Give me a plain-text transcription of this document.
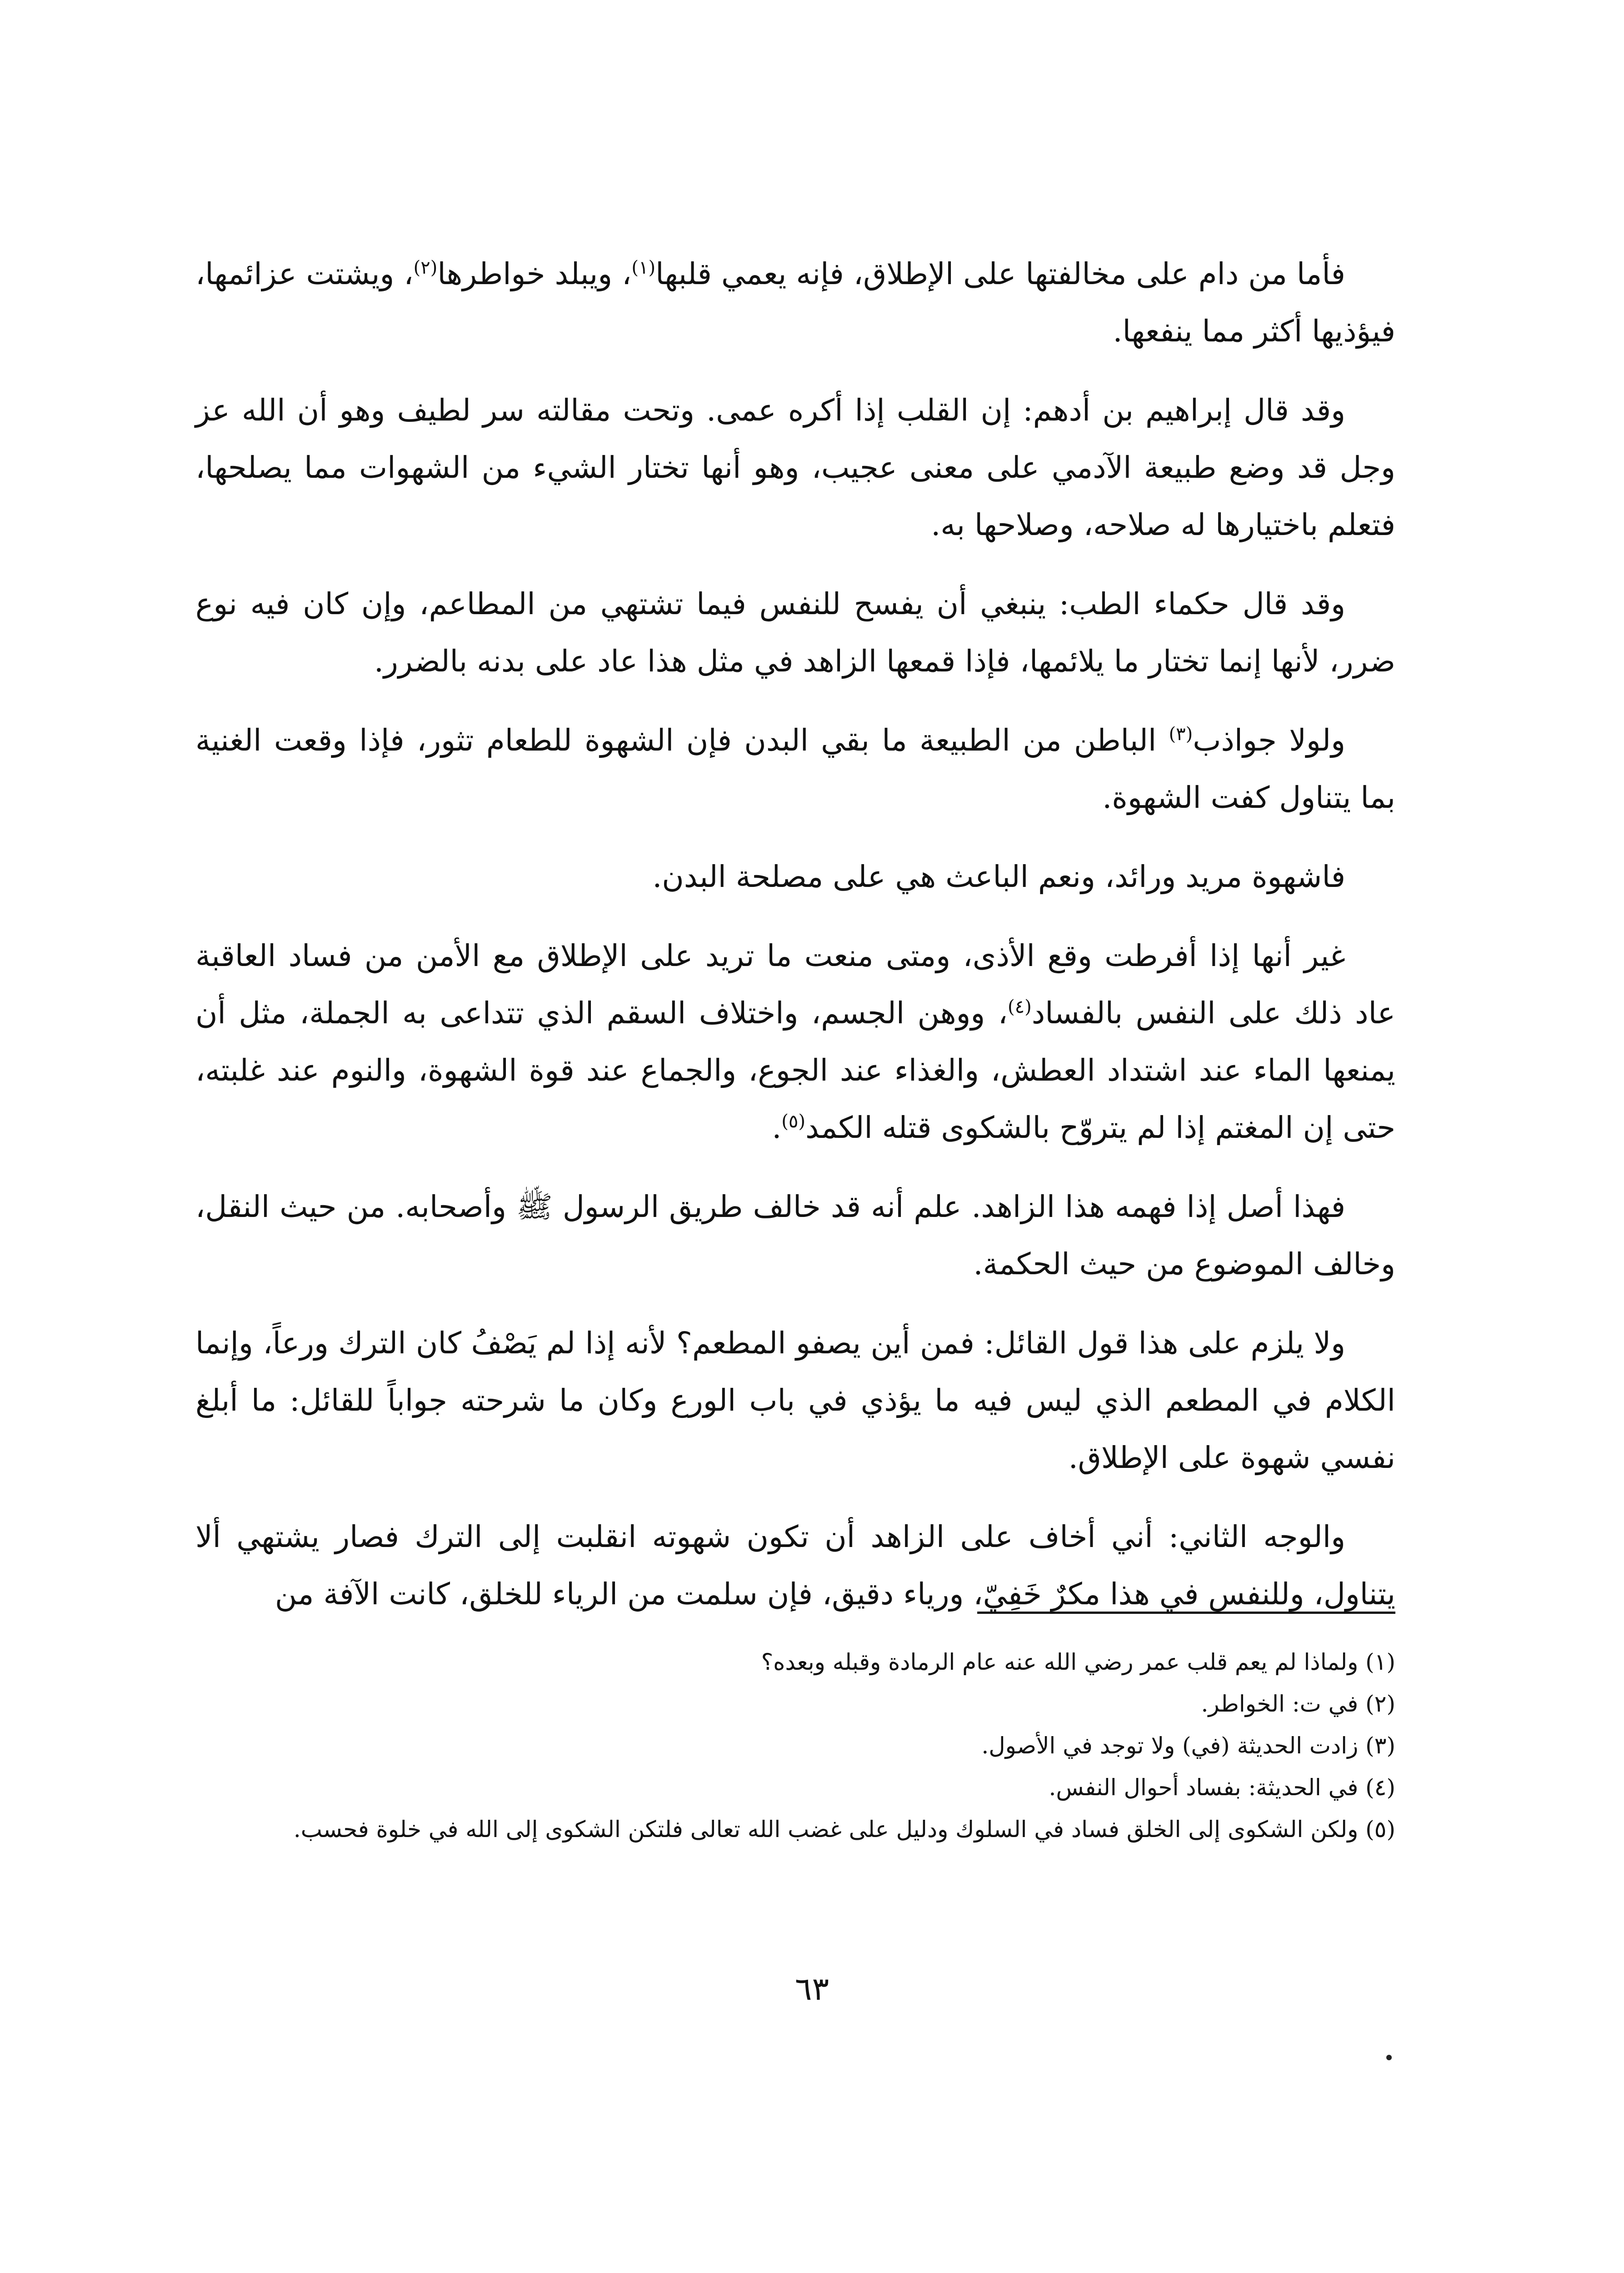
فأما من دام على مخالفتها على الإطلاق، فإنه يعمي قلبها$^{(١)}$، ويبلد خواطرها$^{(٢)}$، ويشتت عزائمها، فيؤذيها أكثر مما ينفعها.

وقد قال إبراهيم بن أدهم: إن القلب إذا أكره عمى. وتحت مقالته سر لطيف وهو أن الله عز وجل قد وضع طبيعة الآدمي على معنى عجيب، وهو أنها تختار الشيء من الشهوات مما يصلحها، فتعلم باختيارها له صلاحه، وصلاحها به.

وقد قال حكماء الطب: ينبغي أن يفسح للنفس فيما تشتهي من المطاعم، وإن كان فيه نوع ضرر، لأنها إنما تختار ما يلائمها، فإذا قمعها الزاهد في مثل هذا عاد على بدنه بالضرر.

ولولا جواذب$^{(٣)}$ الباطن من الطبيعة ما بقي البدن فإن الشهوة للطعام تثور، فإذا وقعت الغنية بما يتناول كفت الشهوة.

فاشهوة مريد ورائد، ونعم الباعث هي على مصلحة البدن.

غير أنها إذا أفرطت وقع الأذى، ومتى منعت ما تريد على الإطلاق مع الأمن من فساد العاقبة عاد ذلك على النفس بالفساد$^{(٤)}$، ووهن الجسم، واختلاف السقم الذي تتداعى به الجملة، مثل أن يمنعها الماء عند اشتداد العطش، والغذاء عند الجوع، والجماع عند قوة الشهوة، والنوم عند غلبته، حتى إن المغتم إذا لم يتروّح بالشكوى قتله الكمد$^{(٥)}$.

فهذا أصل إذا فهمه هذا الزاهد. علم أنه قد خالف طريق الرسول ﷺ وأصحابه. من حيث النقل، وخالف الموضوع من حيث الحكمة.

ولا يلزم على هذا قول القائل: فمن أين يصفو المطعم؟ لأنه إذا لم يَصْفُ كان الترك ورعاً، وإنما الكلام في المطعم الذي ليس فيه ما يؤذي في باب الورع وكان ما شرحته جواباً للقائل: ما أبلغ نفسي شهوة على الإطلاق.

والوجه الثاني: أني أخاف على الزاهد أن تكون شهوته انقلبت إلى الترك فصار يشتهي ألا يتناول، وللنفس في هذا مكرٌ خَفِيّ، ورياء دقيق، فإن سلمت من الرياء للخلق، كانت الآفة من

(١) ولماذا لم يعم قلب عمر رضي الله عنه عام الرمادة وقبله وبعده؟

(٢) في ت: الخواطر.

(٣) زادت الحديثة (في) ولا توجد في الأصول.

(٤) في الحديثة: بفساد أحوال النفس.

(٥) ولكن الشكوى إلى الخلق فساد في السلوك ودليل على غضب الله تعالى فلتكن الشكوى إلى الله في خلوة فحسب.

٦٣
